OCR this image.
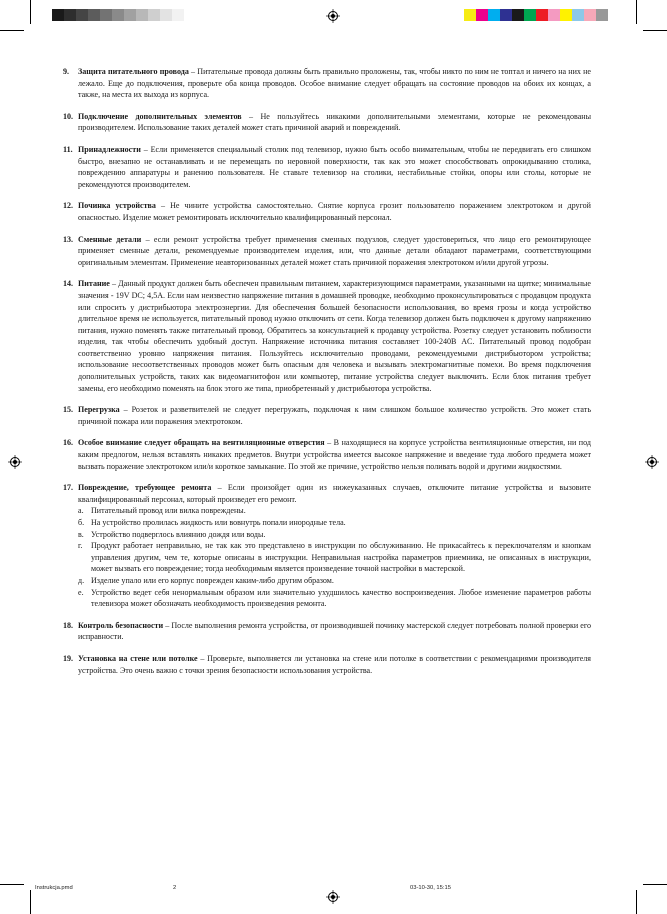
9. Защита питательного провода – Питательные провода должны быть правильно проложены, так, чтобы никто по ним не топтал и ничего на них не лежало. Еще до подключения, проверьте оба конца проводов. Особое внимание следует обращать на состояние проводов на обоих их концах, а также, на места их выхода из корпуса.
10. Подключение дополнительных элементов – Не пользуйтесь никакими дополнительными элементами, которые не рекомендованы производителем. Использование таких деталей может стать причиной аварий и повреждений.
11. Принадлежности – Если применяется специальный столик под телевизор, нужно быть особо внимательным, чтобы не передвигать его слишком быстро, внезапно не останавливать и не перемещать по неровной поверхности, так как это может способствовать опрокидыванию столика, повреждению аппаратуры и ранению пользователя. Не ставьте телевизор на столики, нестабильные стойки, опоры или столы, которые не рекомендуются производителем.
12. Починка устройства – Не чините устройства самостоятельно. Снятие корпуса грозит пользователю поражением электротоком и другой опасностью. Изделие может ремонтировать исключительно квалифицированный персонал.
13. Сменные детали – если ремонт устройства требует применения сменных подузлов, следует удостовериться, что лицо его ремонтирующее применяет сменные детали, рекомендуемые производителем изделия, или, что данные детали обладают параметрами, соответствующими оригинальным элементам. Применение неавторизованных деталей может стать причиной поражения электротоком и/или другой угрозы.
14. Питание – Данный продукт должен быть обеспечен правильным питанием, характеризующимся параметрами, указанными на щитке; минимальные значения - 19V DC; 4,5A. Если нам неизвестно напряжение питания в домашней проводке, необходимо проконсультироваться с продавцом продукта или спросить у дистрибьютора электроэнергии. Для обеспечения большей безопасности использования, во время грозы и когда устройство длительное время не используется, питательный провод нужно отключить от сети. Когда телевизор должен быть подключен к другому напряжению питания, нужно поменять также питательный провод. Обратитесь за консультацией к продавцу устройства. Розетку следует установить поблизости изделия, так чтобы обеспечить удобный доступ. Напряжение источника питания составляет 100-240В AC. Питательный провод подобран соответственно уровню напряжения питания. Пользуйтесь исключительно проводами, рекомендуемыми дистрибьютором устройства; использование несоответственных проводов может быть опасным для человека и вызывать электромагнитные помехи. Во время подключения дополнительных устройств, таких как видеомагнитофон или компьютер, питание устройства следует выключить. Если блок питания требует замены, его необходимо поменять на блок этого же типа, приобретенный у дистрибьютора устройства.
15. Перегрузка – Розеток и разветвителей не следует перегружать, подключая к ним слишком большое количество устройств. Это может стать причиной пожара или поражения электротоком.
16. Особое внимание следует обращать на вентиляционные отверстия – В находящиеся на корпусе устройства вентиляционные отверстия, ни под каким предлогом, нельзя вставлять никаких предметов. Внутри устройства имеется высокое напряжение и введение туда любого предмета может вызвать поражение электротоком или/и короткое замыкание. По этой же причине, устройство нельзя поливать водой и другими жидкостями.
17. Повреждение, требующее ремонта – Если произойдет один из нижеуказанных случаев, отключите питание устройства и вызовите квалифицированный персонал, который произведет его ремонт.
a. Питательный провод или вилка повреждены.
б. На устройство пролилась жидкость или вовнутрь попали инородные тела.
в. Устройство подверглось влиянию дождя или воды.
г. Продукт работает неправильно, не так как это представлено в инструкции по обслуживанию. Не прикасайтесь к переключателям и кнопкам управления другим, чем те, которые описаны в инструкции. Неправильная настройка параметров приемника, не описанных в инструкции, может вызвать его повреждение; тогда необходимым является произведение точной настройки в мастерской.
д. Изделие упало или его корпус поврежден каким-либо другим образом.
е. Устройство ведет себя ненормальным образом или значительно ухудшилось качество воспроизведения. Любое изменение параметров работы телевизора может обозначать необходимость произведения ремонта.
18. Контроль безопасности – После выполнения ремонта устройства, от производившей починку мастерской следует потребовать полной проверки его исправности.
19. Установка на стене или потолке – Проверьте, выполняется ли установка на стене или потолке в соответствии с рекомендациями производителя устройства. Это очень важно с точки зрения безопасности использования устройства.
Instrukcja.pmd	2	03-10-30, 15:15
